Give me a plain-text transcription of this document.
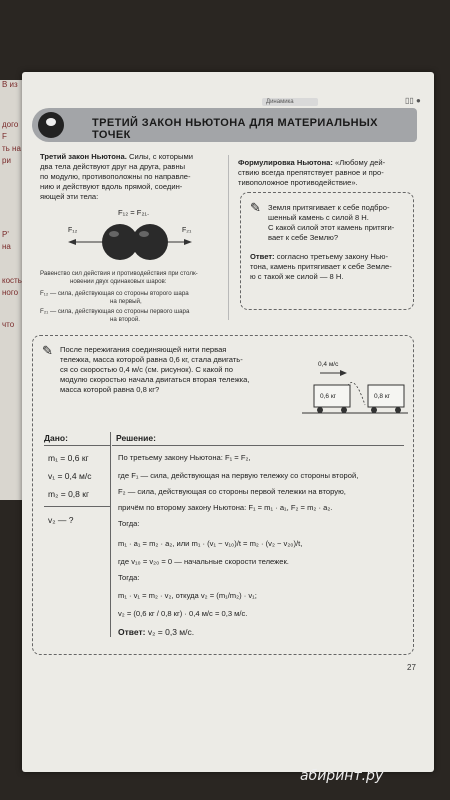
В из
дого
F
ть на
ри
Р'
на
кость
ного
что
Динамика	▯▯ ●
ТРЕТИЙ ЗАКОН НЬЮТОНА ДЛЯ МАТЕРИАЛЬНЫХ ТОЧЕК
Третий закон Ньютона. Силы, с которыми
два тела действуют друг на друга, равны
по модулю, противоположны по направле-
нию и действуют вдоль прямой, соедин-
яющей эти тела:
F₁₂ = F₂₁.
F₁₂	F₂₁
Равенство сил действия и противодействия при столк-
новении двух одинаковых шаров:
F₁₂ — сила, действующая со стороны второго шара
на первый,
F₂₁ — сила, действующая со стороны первого шара
на второй.
Формулировка Ньютона: «Любому дей-
ствию всегда препятствует равное и про-
тивоположное противодействие».
✎ Земля притягивает к себе подбро-
шенный камень с силой 8 Н.
С какой силой этот камень притяги-
вает к себе Землю?
Ответ: согласно третьему закону Нью-
тона, камень притягивает к себе Земле-
ю с такой же силой — 8 Н.
✎ После пережигания соединяющей нити первая
тележка, масса которой равна 0,6 кг, стала двигать-
ся со скоростью 0,4 м/с (см. рисунок). С какой по
модулю скоростью начала двигаться вторая тележка,
масса которой равна 0,8 кг?
0,4 м/с
0,6 кг	0,8 кг
Дано:
m₁ = 0,6 кг
v₁ = 0,4 м/с
m₂ = 0,8 кг
v₂ — ?
Решение:
По третьему закону Ньютона: F₁ = F₂,
где F₁ — сила, действующая на первую тележку со стороны второй,
F₂ — сила, действующая со стороны первой тележки на вторую,
причём по второму закону Ньютона: F₁ = m₁ · a₁, F₂ = m₂ · a₂.
Тогда:
m₁ · a₁ = m₂ · a₂, или m₁ · (v₁ − v₁₀)/t = m₂ · (v₂ − v₂₀)/t,
где v₁₀ = v₂₀ = 0 — начальные скорости тележек.
Тогда:
m₁ · v₁ = m₂ · v₂, откуда v₂ = (m₁/m₂) · v₁;
v₂ = (0,6 кг / 0,8 кг) · 0,4 м/с = 0,3 м/с.
Ответ: v₂ = 0,3 м/с.
27
абиринт.ру
